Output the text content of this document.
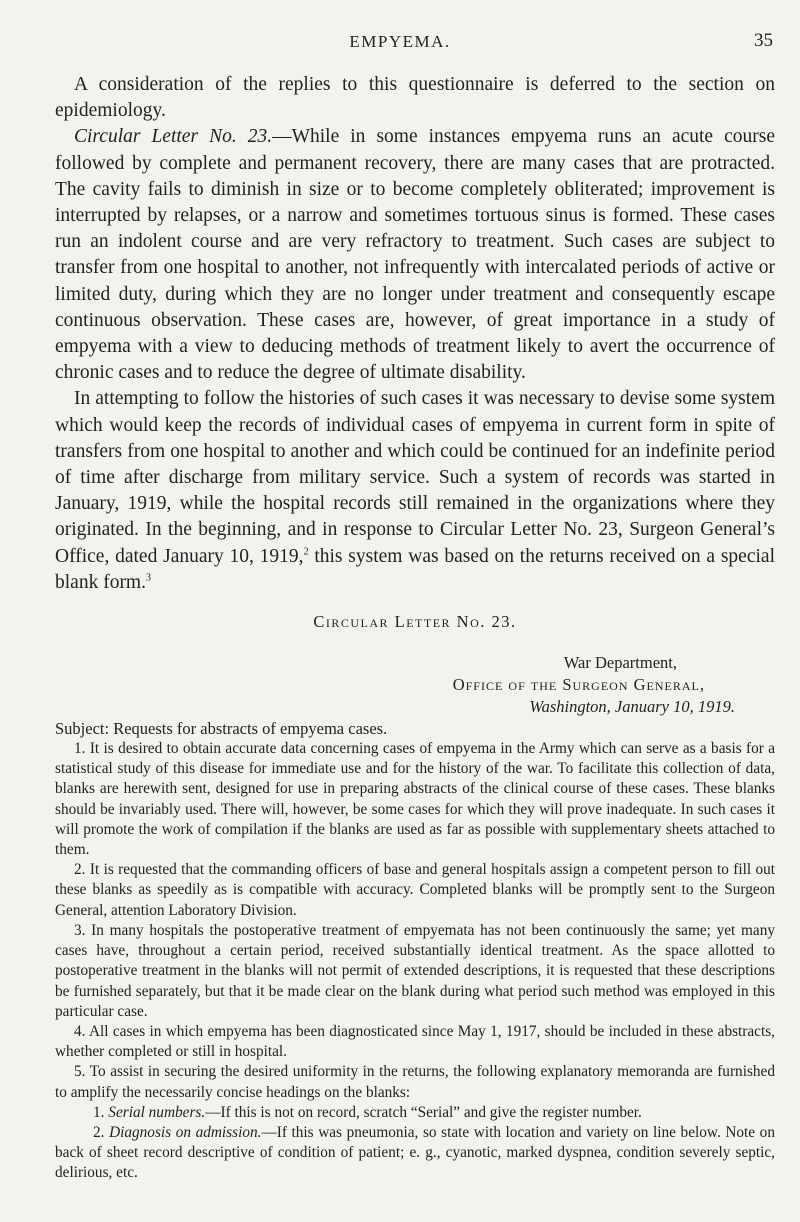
EMPYEMA.	35

A consideration of the replies to this questionnaire is deferred to the section on epidemiology.

Circular Letter No. 23.—While in some instances empyema runs an acute course followed by complete and permanent recovery, there are many cases that are protracted. The cavity fails to diminish in size or to become completely obliterated; improvement is interrupted by relapses, or a narrow and sometimes tortuous sinus is formed. These cases run an indolent course and are very refractory to treatment. Such cases are subject to transfer from one hospital to another, not infrequently with intercalated periods of active or limited duty, during which they are no longer under treatment and consequently escape continuous observation. These cases are, however, of great importance in a study of empyema with a view to deducing methods of treatment likely to avert the occurrence of chronic cases and to reduce the degree of ultimate disability.

In attempting to follow the histories of such cases it was necessary to devise some system which would keep the records of individual cases of empyema in current form in spite of transfers from one hospital to another and which could be continued for an indefinite period of time after discharge from military service. Such a system of records was started in January, 1919, while the hospital records still remained in the organizations where they originated. In the beginning, and in response to Circular Letter No. 23, Surgeon General’s Office, dated January 10, 1919,$^2$ this system was based on the returns received on a special blank form.$^3$

Circular Letter No. 23.
War Department,
Office of the Surgeon General,
Washington, January 10, 1919.

Subject: Requests for abstracts of empyema cases.

1. It is desired to obtain accurate data concerning cases of empyema in the Army which can serve as a basis for a statistical study of this disease for immediate use and for the history of the war. To facilitate this collection of data, blanks are herewith sent, designed for use in preparing abstracts of the clinical course of these cases. These blanks should be invariably used. There will, however, be some cases for which they will prove inadequate. In such cases it will promote the work of compilation if the blanks are used as far as possible with supplementary sheets attached to them.

2. It is requested that the commanding officers of base and general hospitals assign a competent person to fill out these blanks as speedily as is compatible with accuracy. Completed blanks will be promptly sent to the Surgeon General, attention Laboratory Division.

3. In many hospitals the postoperative treatment of empyemata has not been continuously the same; yet many cases have, throughout a certain period, received substantially identical treatment. As the space allotted to postoperative treatment in the blanks will not permit of extended descriptions, it is requested that these descriptions be furnished separately, but that it be made clear on the blank during what period such method was employed in this particular case.

4. All cases in which empyema has been diagnosticated since May 1, 1917, should be included in these abstracts, whether completed or still in hospital.

5. To assist in securing the desired uniformity in the returns, the following explanatory memoranda are furnished to amplify the necessarily concise headings on the blanks:

1. Serial numbers.—If this is not on record, scratch “Serial” and give the register number.

2. Diagnosis on admission.—If this was pneumonia, so state with location and variety on line below. Note on back of sheet record descriptive of condition of patient; e. g., cyanotic, marked dyspnea, condition severely septic, delirious, etc.
